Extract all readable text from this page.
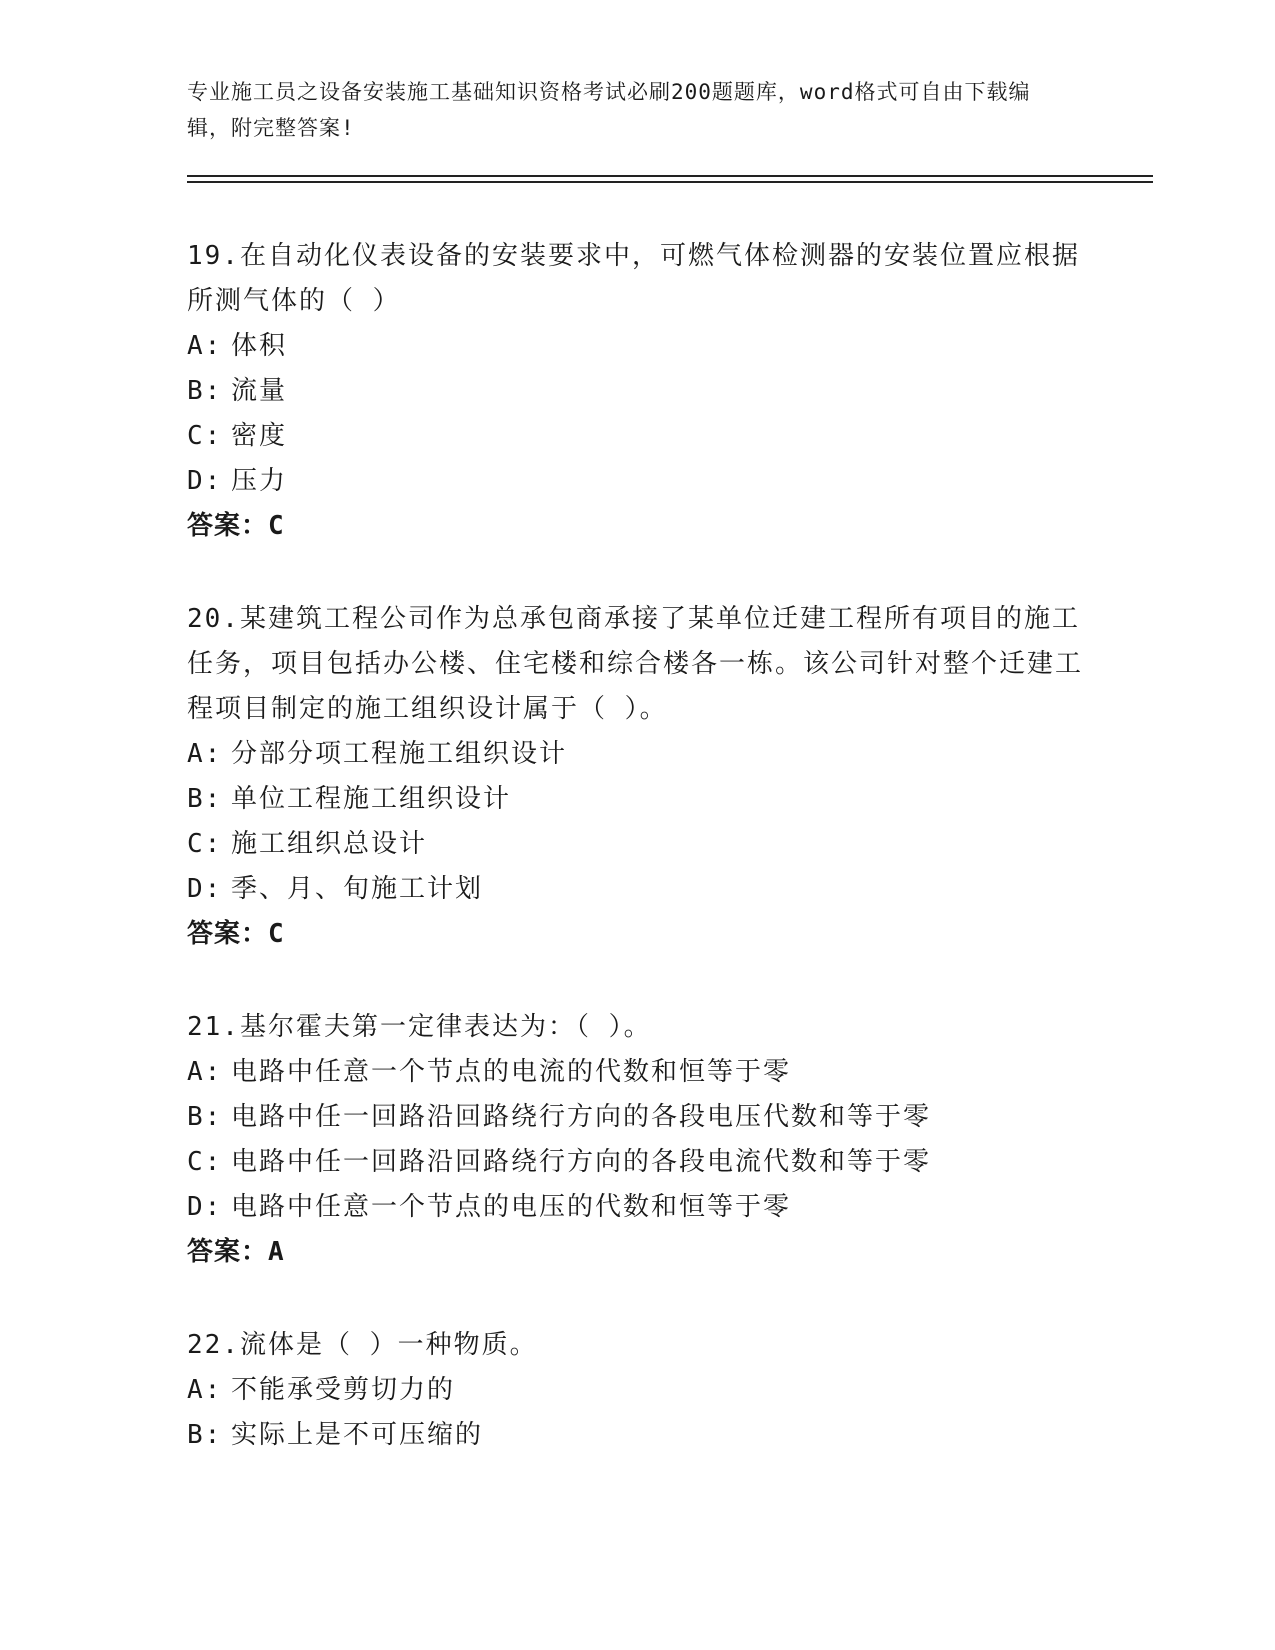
专业施工员之设备安装施工基础知识资格考试必刷200题题库，word格式可自由下载编辑，附完整答案!

19.在自动化仪表设备的安装要求中，可燃气体检测器的安装位置应根据所测气体的（ ）

A: 体积
B: 流量
C: 密度
D: 压力
答案：C

20.某建筑工程公司作为总承包商承接了某单位迁建工程所有项目的施工任务，项目包括办公楼、住宅楼和综合楼各一栋。该公司针对整个迁建工程项目制定的施工组织设计属于（ ）。

A: 分部分项工程施工组织设计
B: 单位工程施工组织设计
C: 施工组织总设计
D: 季、月、旬施工计划
答案：C

21.基尔霍夫第一定律表达为：（ ）。

A: 电路中任意一个节点的电流的代数和恒等于零
B: 电路中任一回路沿回路绕行方向的各段电压代数和等于零
C: 电路中任一回路沿回路绕行方向的各段电流代数和等于零
D: 电路中任意一个节点的电压的代数和恒等于零
答案：A

22.流体是（ ）一种物质。

A: 不能承受剪切力的
B: 实际上是不可压缩的
